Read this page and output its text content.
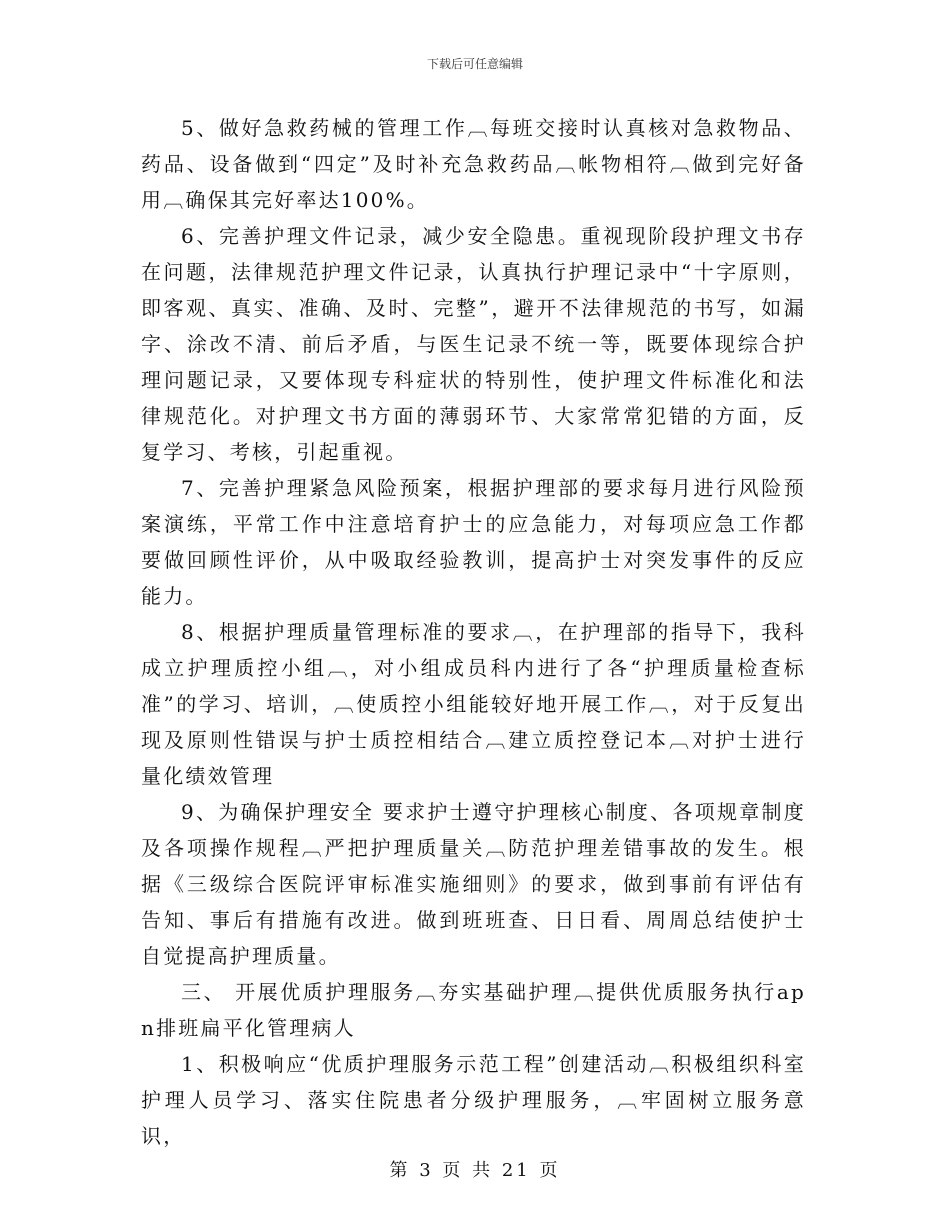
下载后可任意编辑

5、做好急救药械的管理工作︹每班交接时认真核对急救物品、药品、设备做到“四定”及时补充急救药品︹帐物相符︹做到完好备用︹确保其完好率达100%。

6、完善护理文件记录，减少安全隐患。重视现阶段护理文书存在问题，法律规范护理文件记录，认真执行护理记录中“十字原则，即客观、真实、准确、及时、完整”，避开不法律规范的书写，如漏字、涂改不清、前后矛盾，与医生记录不统一等，既要体现综合护理问题记录，又要体现专科症状的特别性，使护理文件标准化和法律规范化。对护理文书方面的薄弱环节、大家常常犯错的方面，反复学习、考核，引起重视。

7、完善护理紧急风险预案，根据护理部的要求每月进行风险预案演练，平常工作中注意培育护士的应急能力，对每项应急工作都要做回顾性评价，从中吸取经验教训，提高护士对突发事件的反应能力。

8、根据护理质量管理标准的要求︹，在护理部的指导下，我科成立护理质控小组︹，对小组成员科内进行了各“护理质量检查标准”的学习、培训，︹使质控小组能较好地开展工作︹，对于反复出现及原则性错误与护士质控相结合︹建立质控登记本︹对护士进行量化绩效管理

9、为确保护理安全 要求护士遵守护理核心制度、各项规章制度及各项操作规程︹严把护理质量关︹防范护理差错事故的发生。根据《三级综合医院评审标准实施细则》的要求，做到事前有评估有告知、事后有措施有改进。做到班班查、日日看、周周总结使护士自觉提高护理质量。

三、 开展优质护理服务︹夯实基础护理︹提供优质服务执行apn排班扁平化管理病人

1、积极响应“优质护理服务示范工程”创建活动︹积极组织科室护理人员学习、落实住院患者分级护理服务，︹牢固树立服务意识，

第 3 页 共 21 页
